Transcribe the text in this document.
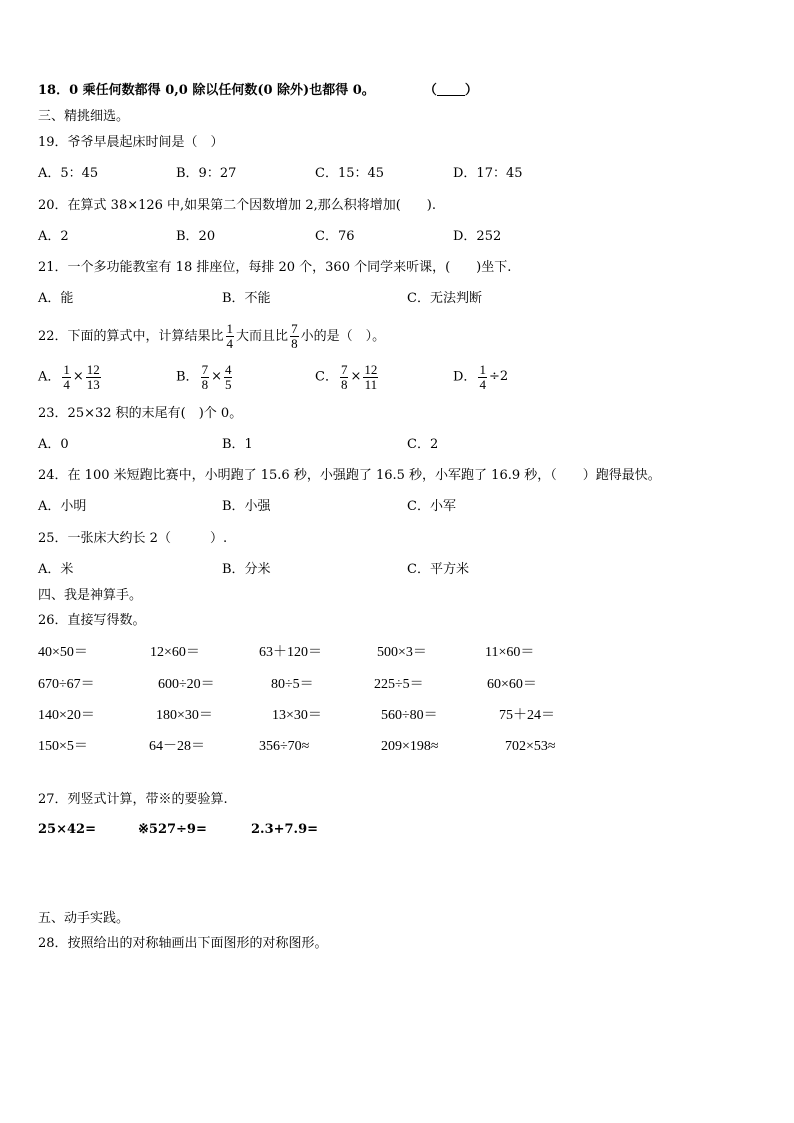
18．0 乘任何数都得 0,0 除以任何数(0 除外)也都得 0。	（ ）
三、精挑细选。
19．爷爷早晨起床时间是（　）
A．5：45	B．9：27	C．15：45	D．17：45
20．在算式 38×126 中,如果第二个因数增加 2,那么积将增加(　　).
A．2	B．20	C．76	D．252
21．一个多功能教室有 18 排座位，每排 20 个，360 个同学来听课，(　　)坐下.
A．能	B．不能	C．无法判断
22．下面的算式中，计算结果比 $\frac{1}{4}$ 大而且比 $\frac{7}{8}$ 小的是（　）。
A． $\frac{1}{4} \times \frac{12}{13}$	B． $\frac{7}{8} \times \frac{4}{5}$	C． $\frac{7}{8} \times \frac{12}{11}$	D． $\frac{1}{4} \div 2$
23．25×32 积的末尾有(　)个 0。
A．0	B．1	C．2
24．在 100 米短跑比赛中，小明跑了 15.6 秒，小强跑了 16.5 秒，小军跑了 16.9 秒，（　　）跑得最快。
A．小明	B．小强	C．小军
25．一张床大约长 2（　　　）.
A．米	B．分米	C．平方米
四、我是神算手。
26．直接写得数。
40×50＝	12×60＝	63＋120＝	500×3＝	11×60＝
670÷67＝	600÷20＝	80÷5＝	225÷5＝	60×60＝
140×20＝	180×30＝	13×30＝	560÷80＝	75＋24＝
150×5＝	64－28＝	356÷70≈	209×198≈	702×53≈
27．列竖式计算，带※的要验算.
25×42=	※527÷9=	2.3+7.9=
五、动手实践。
28．按照给出的对称轴画出下面图形的对称图形。
